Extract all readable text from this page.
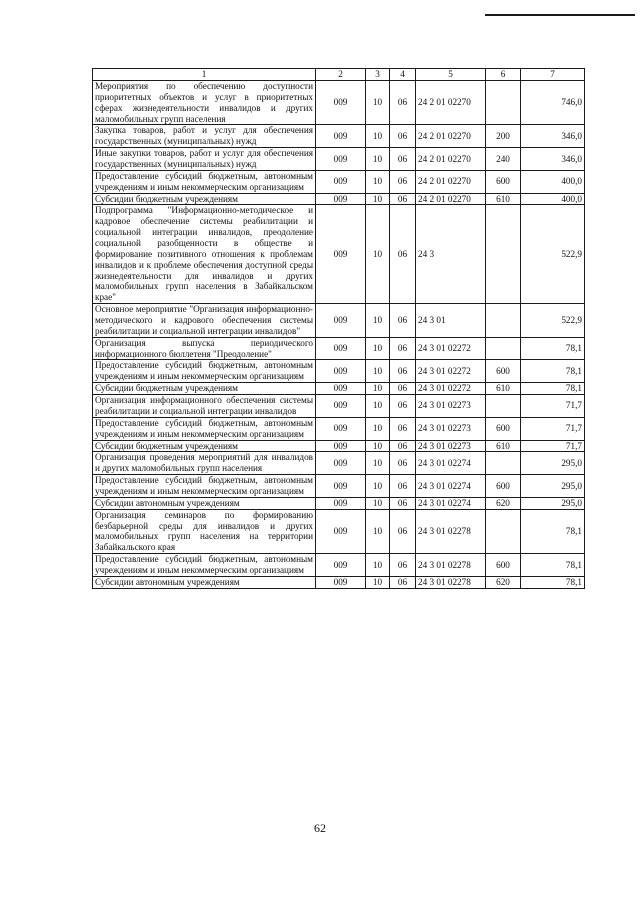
1	2	3	4	5	6	7
Мероприятия по обеспечению доступности приоритетных объектов и услуг в приоритетных сферах жизнедеятельности инвалидов и других маломобильных групп населения	009	10	06	24 2 01 02270		746,0
Закупка товаров, работ и услуг для обеспечения государственных (муниципальных) нужд	009	10	06	24 2 01 02270	200	346,0
Иные закупки товаров, работ и услуг для обеспечения государственных (муниципальных) нужд	009	10	06	24 2 01 02270	240	346,0
Предоставление субсидий бюджетным, автономным учреждениям и иным некоммерческим организациям	009	10	06	24 2 01 02270	600	400,0
Субсидии бюджетным учреждениям	009	10	06	24 2 01 02270	610	400,0
Подпрограмма "Информационно-методическое и кадровое обеспечение системы реабилитации и социальной интеграции инвалидов, преодоление социальной разобщенности в обществе и формирование позитивного отношения к проблемам инвалидов и к проблеме обеспечения доступной среды жизнедеятельности для инвалидов и других маломобильных групп населения в Забайкальском крае"	009	10	06	24 3		522,9
Основное мероприятие "Организация информационно-методического и кадрового обеспечения системы реабилитации и социальной интеграции инвалидов"	009	10	06	24 3 01		522,9
Организация выпуска периодического информационного бюллетеня "Преодоление"	009	10	06	24 3 01 02272		78,1
Предоставление субсидий бюджетным, автономным учреждениям и иным некоммерческим организациям	009	10	06	24 3 01 02272	600	78,1
Субсидии бюджетным учреждениям	009	10	06	24 3 01 02272	610	78,1
Организация информационного обеспечения системы реабилитации и социальной интеграции инвалидов	009	10	06	24 3 01 02273		71,7
Предоставление субсидий бюджетным, автономным учреждениям и иным некоммерческим организациям	009	10	06	24 3 01 02273	600	71,7
Субсидии бюджетным учреждениям	009	10	06	24 3 01 02273	610	71,7
Организация проведения мероприятий для инвалидов и других маломобильных групп населения	009	10	06	24 3 01 02274		295,0
Предоставление субсидий бюджетным, автономным учреждениям и иным некоммерческим организациям	009	10	06	24 3 01 02274	600	295,0
Субсидии автономным учреждениям	009	10	06	24 3 01 02274	620	295,0
Организация семинаров по формированию безбарьерной среды для инвалидов и других маломобильных групп населения на территории Забайкальского края	009	10	06	24 3 01 02278		78,1
Предоставление субсидий бюджетным, автономным учреждениям и иным некоммерческим организациям	009	10	06	24 3 01 02278	600	78,1
Субсидии автономным учреждениям	009	10	06	24 3 01 02278	620	78,1
62
